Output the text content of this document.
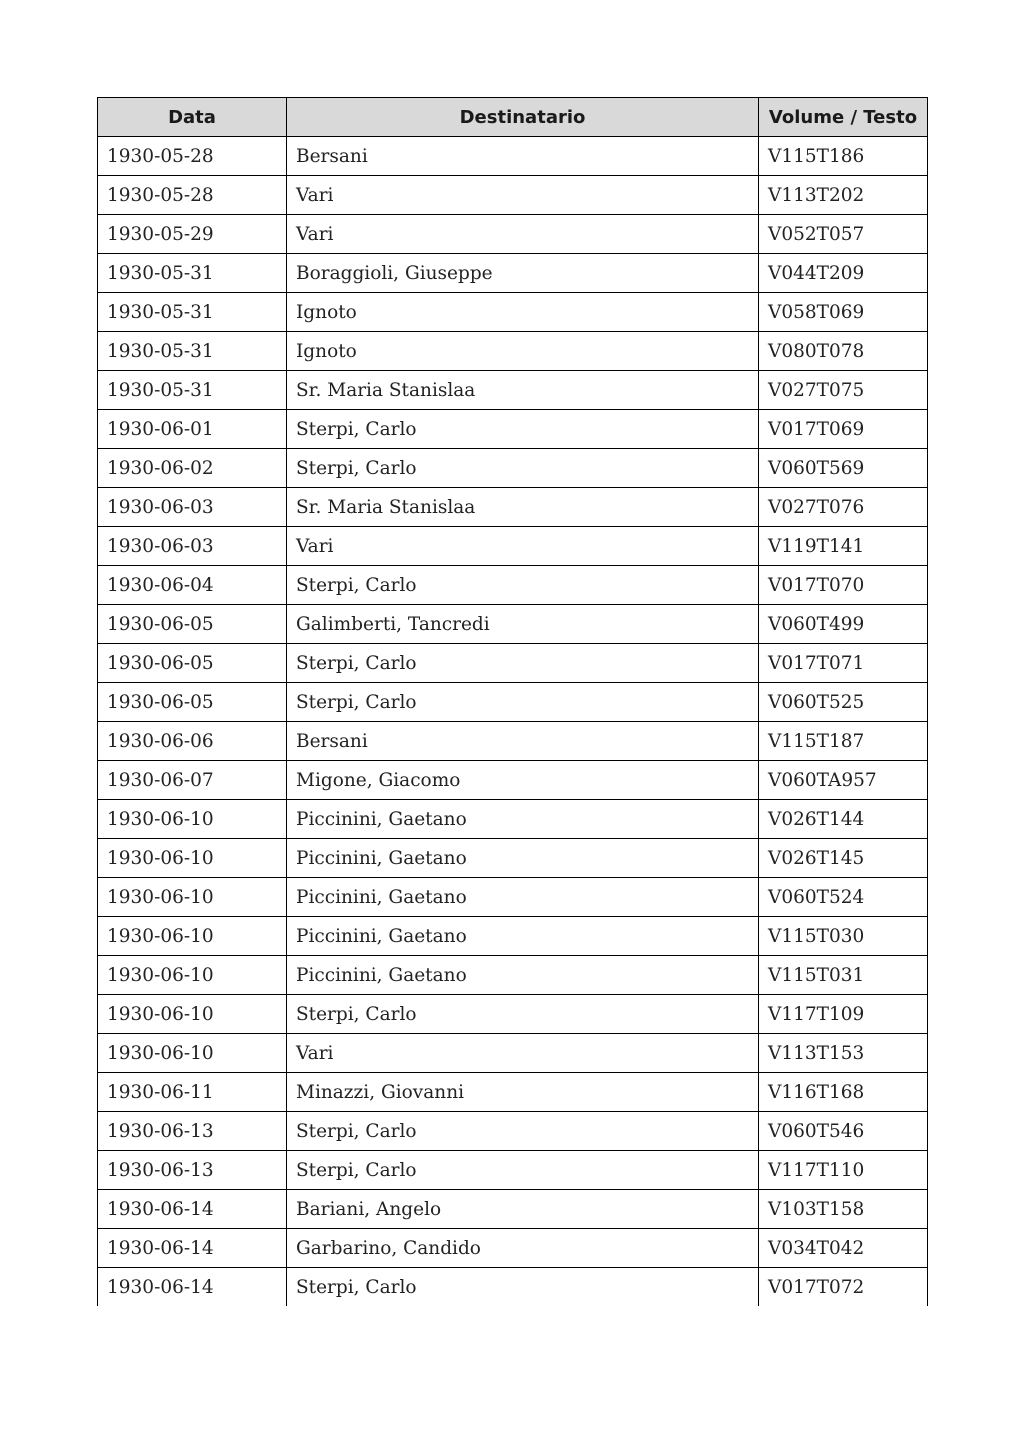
Data	Destinatario	Volume / Testo
1930-05-28	Bersani	V115T186
1930-05-28	Vari	V113T202
1930-05-29	Vari	V052T057
1930-05-31	Boraggioli, Giuseppe	V044T209
1930-05-31	Ignoto	V058T069
1930-05-31	Ignoto	V080T078
1930-05-31	Sr. Maria Stanislaa	V027T075
1930-06-01	Sterpi, Carlo	V017T069
1930-06-02	Sterpi, Carlo	V060T569
1930-06-03	Sr. Maria Stanislaa	V027T076
1930-06-03	Vari	V119T141
1930-06-04	Sterpi, Carlo	V017T070
1930-06-05	Galimberti, Tancredi	V060T499
1930-06-05	Sterpi, Carlo	V017T071
1930-06-05	Sterpi, Carlo	V060T525
1930-06-06	Bersani	V115T187
1930-06-07	Migone, Giacomo	V060TA957
1930-06-10	Piccinini, Gaetano	V026T144
1930-06-10	Piccinini, Gaetano	V026T145
1930-06-10	Piccinini, Gaetano	V060T524
1930-06-10	Piccinini, Gaetano	V115T030
1930-06-10	Piccinini, Gaetano	V115T031
1930-06-10	Sterpi, Carlo	V117T109
1930-06-10	Vari	V113T153
1930-06-11	Minazzi, Giovanni	V116T168
1930-06-13	Sterpi, Carlo	V060T546
1930-06-13	Sterpi, Carlo	V117T110
1930-06-14	Bariani, Angelo	V103T158
1930-06-14	Garbarino, Candido	V034T042
1930-06-14	Sterpi, Carlo	V017T072
